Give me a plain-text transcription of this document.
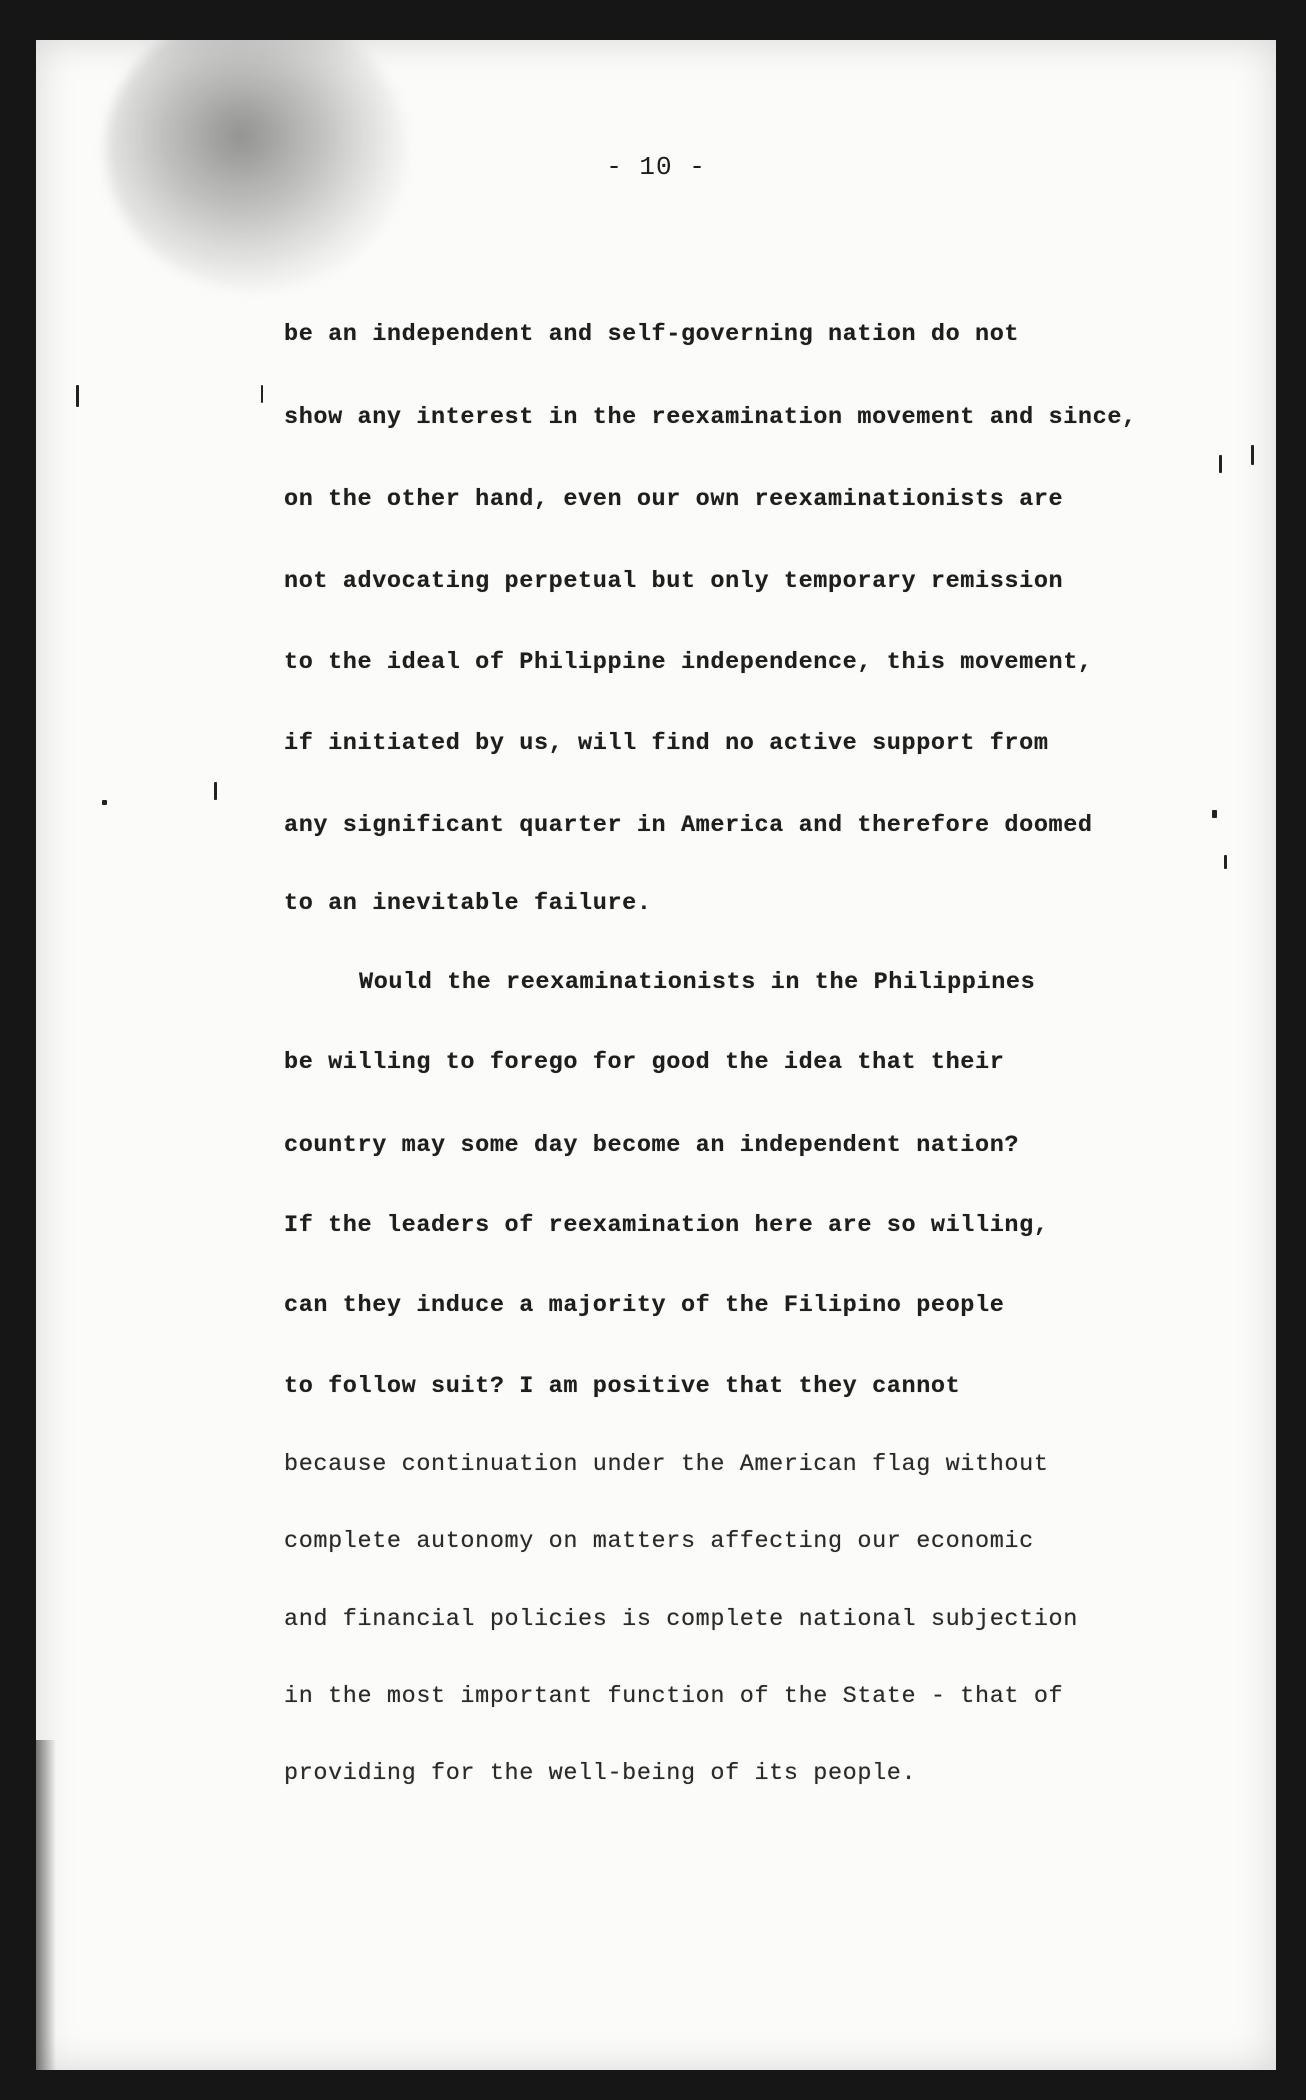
- 10 -
be an independent and self-governing nation do not
show any interest in the reexamination movement and since,
on the other hand, even our own reexaminationists are
not advocating perpetual but only temporary remission
to the ideal of Philippine independence, this movement,
if initiated by us, will find no active support from
any significant quarter in America and therefore doomed
to an inevitable failure.
Would the reexaminationists in the Philippines
be willing to forego for good the idea that their
country may some day become an independent nation?
If the leaders of reexamination here are so willing,
can they induce a majority of the Filipino people
to follow suit? I am positive that they cannot
because continuation under the American flag without
complete autonomy on matters affecting our economic
and financial policies is complete national subjection
in the most important function of the State - that of
providing for the well-being of its people.
